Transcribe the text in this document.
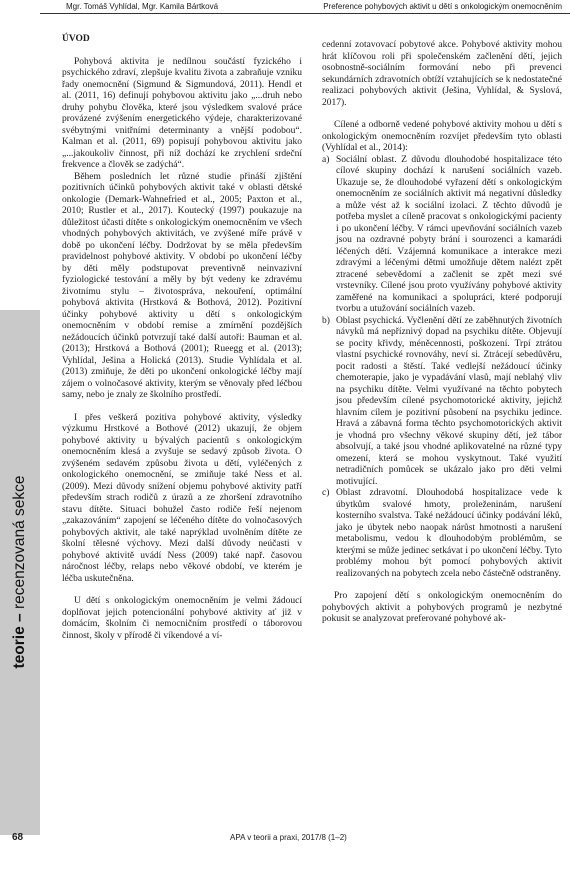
Mgr. Tomáš Vyhlídal, Mgr. Kamila Bártková	Preference pohybových aktivit u dětí s onkologickým onemocněním
teorie – recenzovaná sekce
ÚVOD

Pohybová aktivita je nedílnou součástí fyzického i psychického zdraví, zlepšuje kvalitu života a zabraňuje vzniku řady onemocnění (Sigmund & Sigmundová, 2011). Hendl et al. (2011, 16) definují pohybovou aktivitu jako „...druh nebo druhy pohybu člověka, které jsou výsledkem svalové práce provázené zvýšením energetického výdeje, charakterizované svébytnými vnitřními determinanty a vnější podobou“. Kalman et al. (2011, 69) popisují pohybovou aktivitu jako „...jakoukoliv činnost, při níž dochází ke zrychlení srdeční frekvence a člověk se zadýchá“.

Během posledních let různé studie přináší zjištění pozitivních účinků pohybových aktivit také v oblasti dětské onkologie (Demark-Wahnefried et al., 2005; Paxton et al., 2010; Rustler et al., 2017). Koutecký (1997) poukazuje na důležitost účasti dítěte s onkologickým onemocněním ve všech vhodných pohybových aktivitách, ve zvýšené míře právě v době po ukončení léčby. Dodržovat by se měla především pravidelnost pohybové aktivity. V období po ukončení léčby by děti měly podstupovat preventivně neinvazivní fyziologické testování a měly by být vedeny ke zdravému životnímu stylu – životospráva, nekouření, optimální pohybová aktivita (Hrstková & Bothová, 2012). Pozitivní účinky pohybové aktivity u dětí s onkologickým onemocněním v období remise a zmírnění pozdějších nežádoucích účinků potvrzují také další autoři: Bauman et al. (2013); Hrstková a Bothová (2001); Rueegg et al. (2013); Vyhlídal, Ješina a Holická (2013). Studie Vyhlídala et al. (2013) zmiňuje, že děti po ukončení onkologické léčby mají zájem o volnočasové aktivity, kterým se věnovaly před léčbou samy, nebo je znaly ze školního prostředí.

I přes veškerá pozitiva pohybové aktivity, výsledky výzkumu Hrstkové a Bothové (2012) ukazují, že objem pohybové aktivity u bývalých pacientů s onkologickým onemocněním klesá a zvyšuje se sedavý způsob života. O zvýšeném sedavém způsobu života u dětí, vyléčených z onkologického onemocnění, se zmiňuje také Ness et al. (2009). Mezi důvody snížení objemu pohybové aktivity patří především strach rodičů z úrazů a ze zhoršení zdravotního stavu dítěte. Situaci bohužel často rodiče řeší nejenom „zakazováním“ zapojení se léčeného dítěte do volnočasových pohybových aktivit, ale také naprýklad uvolněním dítěte ze školní tělesné výchovy. Mezi další důvody neúčasti v pohybové aktivitě uvádí Ness (2009) také např. časovou náročnost léčby, relaps nebo věkové období, ve kterém je léčba uskutečněna.

U dětí s onkologickým onemocněním je velmi žádoucí doplňovat jejich potencionální pohybové aktivity ať již v domácím, školním či nemocničním prostředí o táborovou činnost, školy v přírodě či víkendové a ví-

cedenní zotavovací pobytové akce. Pohybové aktivity mohou hrát klíčovou roli při společenském začlenění dětí, jejich osobnostně-sociálním formování nebo při prevenci sekundárních zdravotních obtíží vztahujících se k nedostatečné realizaci pohybových aktivit (Ješina, Vyhlídal, & Syslová, 2017).

Cílené a odborně vedené pohybové aktivity mohou u dětí s onkologickým onemocněním rozvíjet především tyto oblasti (Vyhlídal et al., 2014):

a) Sociální oblast. Z důvodu dlouhodobé hospitalizace této cílové skupiny dochází k narušení sociálních vazeb. Ukazuje se, že dlouhodobé vyřazení dětí s onkologickým onemocněním ze sociálních aktivit má negativní důsledky a může vést až k sociální izolaci. Z těchto důvodů je potřeba myslet a cíleně pracovat s onkologickými pacienty i po ukončení léčby. V rámci upevňování sociálních vazeb jsou na ozdravné pobyty brání i sourozenci a kamarádi léčených dětí. Vzájemná komunikace a interakce mezi zdravými a léčenými dětmi umožňuje dětem nalézt zpět ztracené sebevědomí a začlenit se zpět mezi své vrstevníky. Cílené jsou proto využívány pohybové aktivity zaměřené na komunikaci a spolupráci, které podporují tvorbu a utužování sociálních vazeb.
b) Oblast psychická. Vyčlenění dětí ze zaběhnutých životních návyků má nepříznivý dopad na psychiku dítěte. Objevují se pocity křivdy, méněcennosti, poškození. Trpí ztrátou vlastní psychické rovnováhy, neví si. Ztrácejí sebedůvěru, pocit radosti a štěstí. Také vedlejší nežádoucí účinky chemoterapie, jako je vypadávání vlasů, mají neblahý vliv na psychiku dítěte. Velmi využívané na těchto pobytech jsou především cílené psychomotorické aktivity, jejichž hlavním cílem je pozitivní působení na psychiku jedince. Hravá a zábavná forma těchto psychomotorických aktivit je vhodná pro všechny věkové skupiny dětí, jež tábor absolvují, a také jsou vhodné aplikovatelné na různé typy omezení, která se mohou vyskytnout. Také využití netradičních pomůcek se ukázalo jako pro děti velmi motivující.
c) Oblast zdravotní. Dlouhodobá hospitalizace vede k úbytkům svalové hmoty, proleženinám, narušení kosterního svalstva. Také nežádoucí účinky podávání léků, jako je úbytek nebo naopak nárůst hmotnosti a narušení metabolismu, vedou k dlouhodobým problémům, se kterými se může jedinec setkávat i po ukončení léčby. Tyto problémy mohou být pomocí pohybových aktivit realizovaných na pobytech zcela nebo částečně odstraněny.

Pro zapojení dětí s onkologickým onemocněním do pohybových aktivit a pohybových programů je nezbytné pokusit se analyzovat preferované pohybové ak-

68	APA v teorii a praxi, 2017/8 (1–2)
